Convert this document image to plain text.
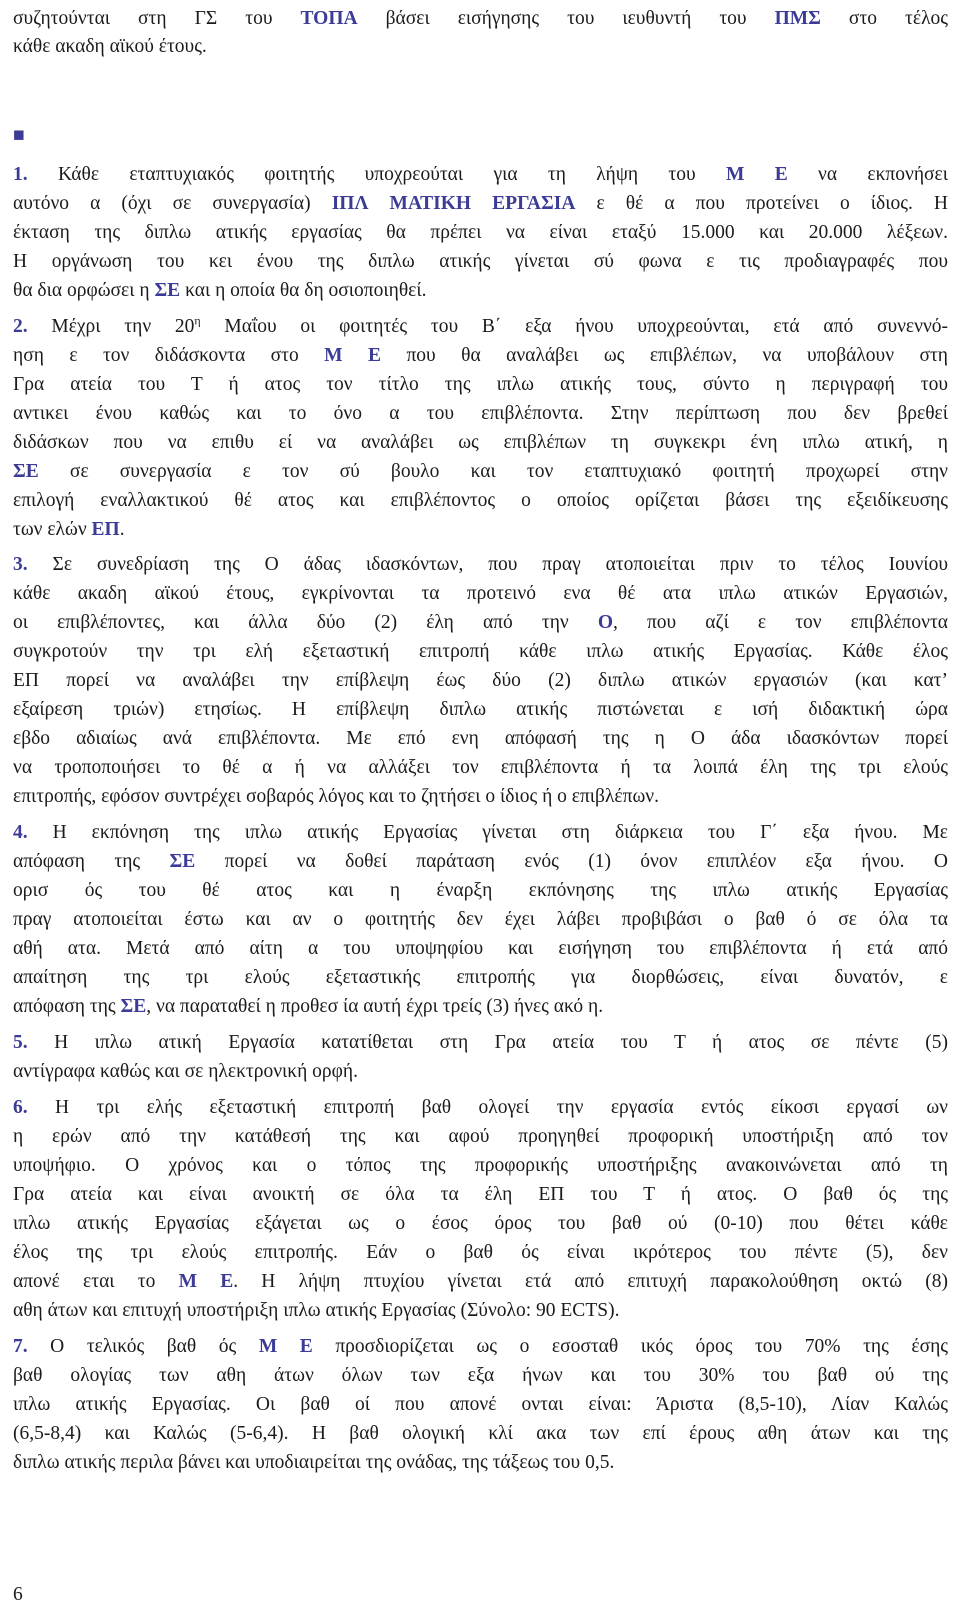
■
συζητούνται στη ΓΣ του ΤΟΠΑ βάσει εισήγησης του ιευθυντή του ΠΜΣ στο τέλος
κάθε ακαδη αϊκού έτους.
1. Κάθε εταπτυχιακός φοιτητής υποχρεούται για τη λήψη του Μ Ε να εκπονήσει
αυτόνο α (όχι σε συνεργασία) ΙΠΛ ΜΑΤΙΚΗ ΕΡΓΑΣΙΑ ε θέ α που προτείνει ο ίδιος. Η
έκταση της διπλω ατικής εργασίας θα πρέπει να είναι εταξύ 15.000 και 20.000 λέξεων.
Η οργάνωση του κει ένου της διπλω ατικής γίνεται σύ φωνα ε τις προδιαγραφές που
θα δια ορφώσει η ΣΕ και η οποία θα δη οσιοποιηθεί.
2. Μέχρι την $20^\eta$ Μαΐου οι φοιτητές του Β΄ εξα ήνου υποχρεούνται, ετά από συνεννό-
ηση ε τον διδάσκοντα στο Μ Ε που θα αναλάβει ως επιβλέπων, να υποβάλουν στη
Γρα ατεία του Τ ή ατος τον τίτλο της ιπλω ατικής τους, σύντο η περιγραφή του
αντικει ένου καθώς και το όνο α του επιβλέποντα. Στην περίπτωση που δεν βρεθεί
διδάσκων που να επιθυ εί να αναλάβει ως επιβλέπων τη συγκεκρι ένη ιπλω ατική, η
ΣΕ σε συνεργασία ε τον σύ βουλο και τον εταπτυχιακό φοιτητή προχωρεί στην
επιλογή εναλλακτικού θέ ατος και επιβλέποντος ο οποίος ορίζεται βάσει της εξειδίκευσης
των ελών ΕΠ.
3. Σε συνεδρίαση της Ο άδας ιδασκόντων, που πραγ ατοποιείται πριν το τέλος Ιουνίου
κάθε ακαδη αϊκού έτους, εγκρίνονται τα προτεινό ενα θέ ατα ιπλω ατικών Εργασιών,
οι επιβλέποντες, και άλλα δύο (2) έλη από την Ο, που αζί ε τον επιβλέποντα
συγκροτούν την τρι ελή εξεταστική επιτροπή κάθε ιπλω ατικής Εργασίας. Κάθε έλος
ΕΠ πορεί να αναλάβει την επίβλεψη έως δύο (2) διπλω ατικών εργασιών (και κατ’
εξαίρεση τριών) ετησίως. Η επίβλεψη διπλω ατικής πιστώνεται ε ισή διδακτική ώρα
εβδο αδιαίως ανά επιβλέποντα. Με επό ενη απόφασή της η Ο άδα ιδασκόντων πορεί
να τροποποιήσει το θέ α ή να αλλάξει τον επιβλέποντα ή τα λοιπά έλη της τρι ελούς
επιτροπής, εφόσον συντρέχει σοβαρός λόγος και το ζητήσει ο ίδιος ή ο επιβλέπων.
4. Η εκπόνηση της ιπλω ατικής Εργασίας γίνεται στη διάρκεια του Γ΄ εξα ήνου. Με
απόφαση της ΣΕ πορεί να δοθεί παράταση ενός (1) όνον επιπλέον εξα ήνου. Ο
ορισ ός του θέ ατος και η έναρξη εκπόνησης της ιπλω ατικής Εργασίας
πραγ ατοποιείται έστω και αν ο φοιτητής δεν έχει λάβει προβιβάσι ο βαθ ό σε όλα τα
αθή ατα. Μετά από αίτη α του υποψηφίου και εισήγηση του επιβλέποντα ή ετά από
απαίτηση της τρι ελούς εξεταστικής επιτροπής για διορθώσεις, είναι δυνατόν, ε
απόφαση της ΣΕ, να παραταθεί η προθεσ ία αυτή έχρι τρείς (3) ήνες ακό η.
5. Η ιπλω ατική Εργασία κατατίθεται στη Γρα ατεία του Τ ή ατος σε πέντε (5)
αντίγραφα καθώς και σε ηλεκτρονική ορφή.
6. Η τρι ελής εξεταστική επιτροπή βαθ ολογεί την εργασία εντός είκοσι εργασί ων
η ερών από την κατάθεσή της και αφού προηγηθεί προφορική υποστήριξη από τον
υποψήφιο. Ο χρόνος και ο τόπος της προφορικής υποστήριξης ανακοινώνεται από τη
Γρα ατεία και είναι ανοικτή σε όλα τα έλη ΕΠ του Τ ή ατος. Ο βαθ ός της
ιπλω ατικής Εργασίας εξάγεται ως ο έσος όρος του βαθ ού (0-10) που θέτει κάθε
έλος της τρι ελούς επιτροπής. Εάν ο βαθ ός είναι ικρότερος του πέντε (5), δεν
απονέ εται το Μ Ε. Η λήψη πτυχίου γίνεται ετά από επιτυχή παρακολούθηση οκτώ (8)
αθη άτων και επιτυχή υποστήριξη ιπλω ατικής Εργασίας (Σύνολο: 90 ECTS).
7. Ο τελικός βαθ ός Μ Ε προσδιορίζεται ως ο εσοσταθ ικός όρος του 70% της έσης
βαθ ολογίας των αθη άτων όλων των εξα ήνων και του 30% του βαθ ού της
ιπλω ατικής Εργασίας. Οι βαθ οί που απονέ ονται είναι: Άριστα (8,5-10), Λίαν Καλώς
(6,5-8,4) και Καλώς (5-6,4). Η βαθ ολογική κλί ακα των επί έρους αθη άτων και της
διπλω ατικής περιλα βάνει και υποδιαιρείται της ονάδας, της τάξεως του 0,5.
6
